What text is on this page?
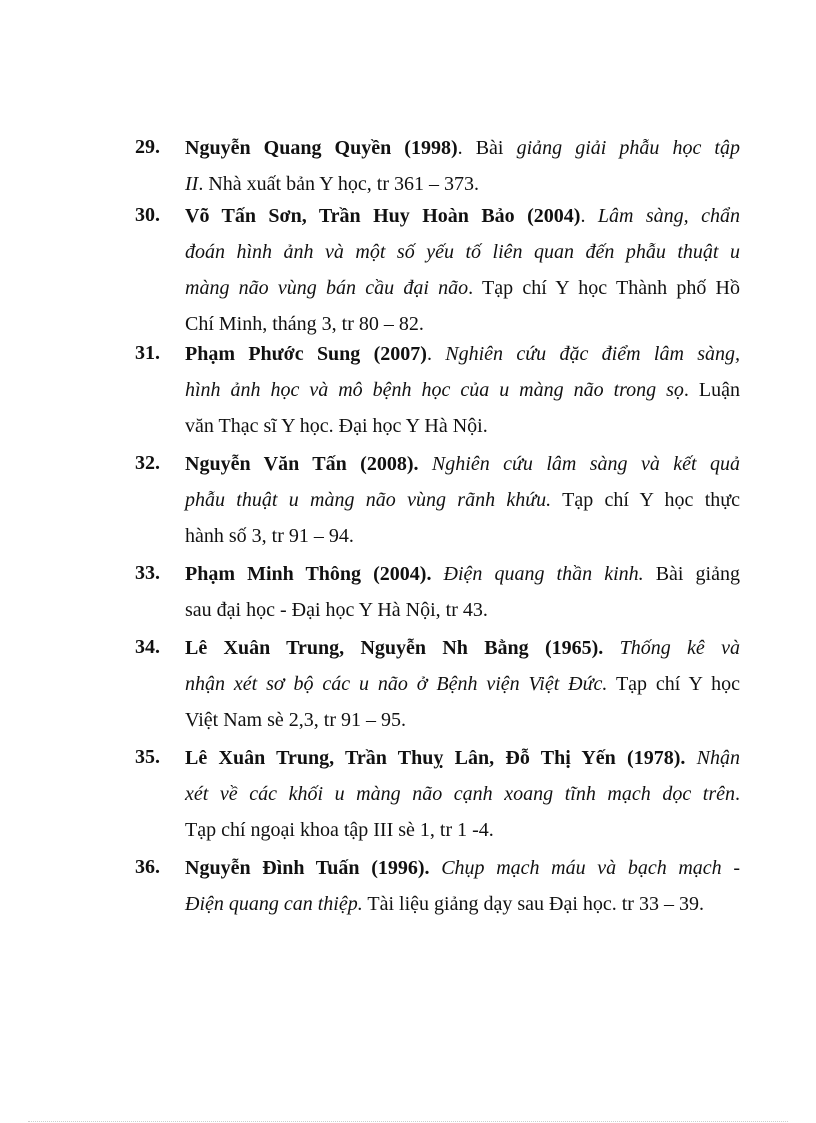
29. Nguyễn Quang Quyền (1998). Bài giảng giải phẫu học tập
II. Nhà xuất bản Y học, tr 361 – 373.
30. Võ Tấn Sơn, Trần Huy Hoàn Bảo (2004). Lâm sàng, chẩn
đoán hình ảnh và một số yếu tố liên quan đến phẫu thuật u
màng não vùng bán cầu đại não. Tạp chí Y học Thành phố Hồ
Chí Minh, tháng 3, tr 80 – 82.
31. Phạm Phước Sung (2007). Nghiên cứu đặc điểm lâm sàng,
hình ảnh học và mô bệnh học của u màng não trong sọ. Luận
văn Thạc sĩ Y học. Đại học Y Hà Nội.
32. Nguyễn Văn Tấn (2008). Nghiên cứu lâm sàng và kết quả
phẫu thuật u màng não vùng rãnh khứu. Tạp chí Y học thực
hành số 3, tr 91 – 94.
33. Phạm Minh Thông (2004). Điện quang thần kinh. Bài giảng
sau đại học - Đại học Y Hà Nội, tr 43.
34. Lê Xuân Trung, Nguyễn Nh Bằng (1965). Thống kê và
nhận xét sơ bộ các u não ở Bệnh viện Việt Đức. Tạp chí Y học
Việt Nam sè 2,3, tr 91 – 95.
35. Lê Xuân Trung, Trần Thuỵ Lân, Đỗ Thị Yến (1978). Nhận
xét về các khối u màng não cạnh xoang tĩnh mạch dọc trên.
Tạp chí ngoại khoa tập III sè 1, tr 1 -4.
36. Nguyễn Đình Tuấn (1996). Chụp mạch máu và bạch mạch -
Điện quang can thiệp. Tài liệu giảng dạy sau Đại học. tr 33 – 39.
